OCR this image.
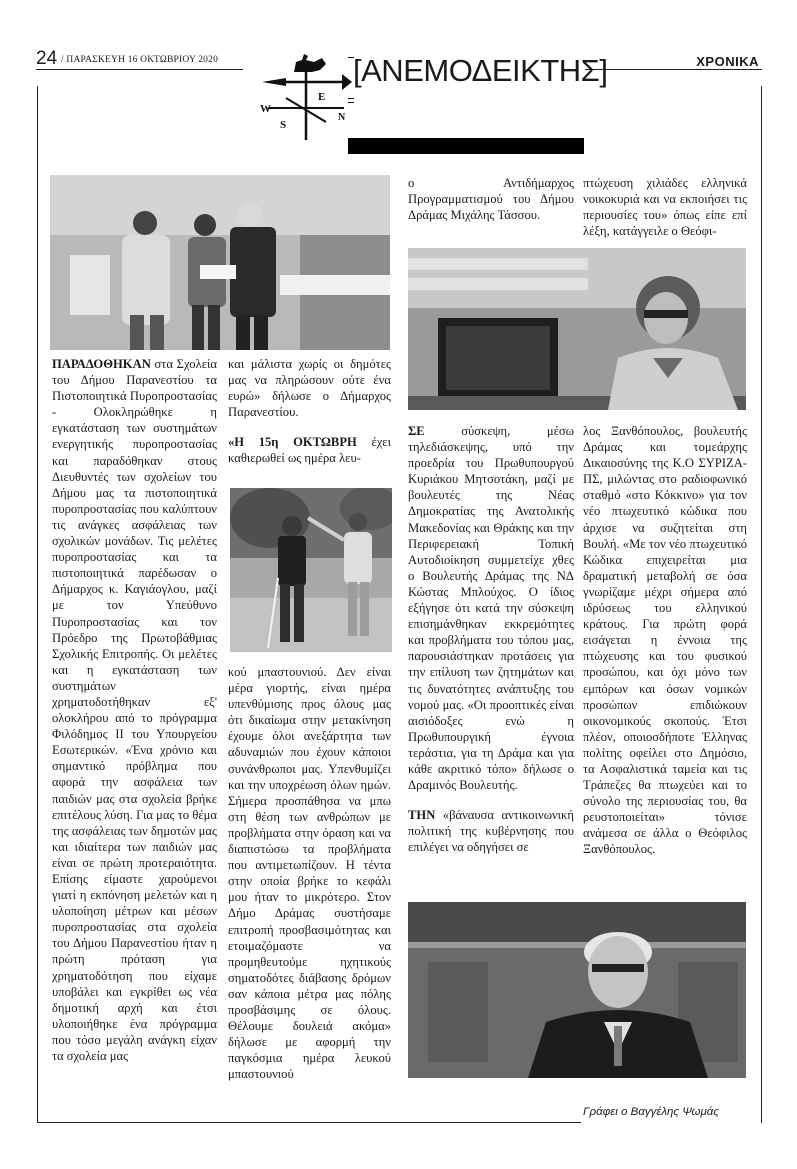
24 / ΠΑΡΑΣΚΕΥΗ 16 ΟΚΤΩΒΡΙΟΥ 2020	ΧΡΟΝΙΚΑ
W
E
S
N
[ΑΝΕΜΟΔΕΙΚΤΗΣ]
Γράφει ο Βαγγέλης Ψωμάς

ΠΑΡΑΔΟΘΗΚΑΝ στα Σχολεία του Δήμου Παρανεστίου τα Πιστοποιητικά Πυροπροστασίας - Ολοκληρώθηκε η εγκατάσταση των συστημάτων ενεργητικής πυροπροστασίας και παραδόθηκαν στους Διευθυντές των σχολείων του Δήμου μας τα πιστοποιητικά πυροπροστασίας που καλύπτουν τις ανάγκες ασφάλειας των σχολικών μονάδων. Τις μελέτες πυροπροστασίας και τα πιστοποιητικά παρέδωσαν ο Δήμαρχος κ. Καγιάογλου, μαζί με τον Υπεύθυνο Πυροπροστασίας και τον Πρόεδρο της Πρωτοβάθμιας Σχολικής Επιτροπής. Οι μελέτες και η εγκατάσταση των συστημάτων χρηματοδοτήθηκαν εξ' ολοκλήρου από το πρόγραμμα Φιλόδημος ΙΙ του Υπουργείου Εσωτερικών. «Ένα χρόνιο και σημαντικό πρόβλημα που αφορά την ασφάλεια των παιδιών μας στα σχολεία βρήκε επιτέλους λύση. Για μας το θέμα της ασφάλειας των δημοτών μας και ιδιαίτερα των παιδιών μας είναι σε πρώτη προτεραιότητα. Επίσης είμαστε χαρούμενοι γιατί η εκπόνηση μελετών και η υλοποίηση μέτρων και μέσων πυροπροστασίας στα σχολεία του Δήμου Παρανεστίου ήταν η πρώτη πρόταση για χρηματοδότηση που είχαμε υποβάλει και εγκρίθει ως νέα δημοτική αρχή και έτσι υλοποιήθηκε ένα πρόγραμμα που τόσο μεγάλη ανάγκη είχαν τα σχολεία μας

και μάλιστα χωρίς οι δημότες μας να πληρώσουν ούτε ένα ευρώ» δήλωσε ο Δήμαρχος Παρανεστίου.

«Η 15η ΟΚΤΩΒΡΗ έχει καθιερωθεί ως ημέρα λευ-

κού μπαστουνιού. Δεν είναι μέρα γιορτής, είναι ημέρα υπενθύμισης προς όλους μας ότι δικαίωμα στην μετακίνηση έχουμε όλοι ανεξάρτητα των αδυναμιών που έχουν κάποιοι συνάνθρωποι μας. Υπενθυμίζει και την υποχρέωση όλων ημών. Σήμερα προσπάθησα να μπω στη θέση των ανθρώπων με προβλήματα στην όραση και να διαπιστώσω τα προβλήματα που αντιμετωπίζουν. Η τέντα στην οποία βρήκε το κεφάλι μου ήταν το μικρότερο. Στον Δήμο Δράμας συστήσαμε επιτροπή προσβασιμότητας και ετοιμαζόμαστε να προμηθευτούμε ηχητικούς σηματοδότες διάβασης δρόμων σαν κάποια μέτρα μας πόλης προσβάσιμης σε όλους. Θέλουμε δουλειά ακόμα» δήλωσε με αφορμή την παγκόσμια ημέρα λευκού μπαστουνιού

ο Αντιδήμαρχος Προγραμματισμού του Δήμου Δράμας Μιχάλης Τάσσου.

ΣΕ σύσκεψη, μέσω τηλεδιάσκεψης, υπό την προεδρία του Πρωθυπουργού Κυριάκου Μητσοτάκη, μαζί με βουλευτές της Νέας Δημοκρατίας της Ανατολικής Μακεδονίας και Θράκης και την Περιφερειακή Τοπική Αυτοδιοίκηση συμμετείχε χθες ο Βουλευτής Δράμας της ΝΔ Κώστας Μπλούχος. Ο ίδιος εξήγησε ότι κατά την σύσκεψη επισημάνθηκαν εκκρεμότητες και προβλήματα του τόπου μας, παρουσιάστηκαν προτάσεις για την επίλυση των ζητημάτων και τις δυνατότητες ανάπτυξης του νομού μας. «Οι προοπτικές είναι αισιόδοξες ενώ η Πρωθυπουργική έγνοια τεράστια, για τη Δράμα και για κάθε ακριτικό τόπο» δήλωσε ο Δραμινός Βουλευτής.

ΤΗΝ «βάναυσα αντικοινωνική πολιτική της κυβέρνησης που επιλέγει να οδηγήσει σε

πτώχευση χιλιάδες ελληνικά νοικοκυριά και να εκποιήσει τις περιουσίες του» όπως είπε επί λέξη, κατάγγειλε ο Θεόφι-

λος Ξανθόπουλος, βουλευτής Δράμας και τομεάρχης Δικαιοσύνης της Κ.Ο ΣΥΡΙΖΑ-ΠΣ, μιλώντας στο ραδιοφωνικό σταθμό «στο Κόκκινο» για τον νέο πτωχευτικό κώδικα που άρχισε να συζητείται στη Βουλή. «Με τον νέο πτωχευτικό Κώδικα επιχειρείται μια δραματική μεταβολή σε όσα γνωρίζαμε μέχρι σήμερα από ιδρύσεως του ελληνικού κράτους. Για πρώτη φορά εισάγεται η έννοια της πτώχευσης και του φυσικού προσώπου, και όχι μόνο των εμπόρων και όσων νομικών προσώπων επιδιώκουν οικονομικούς σκοπούς. Έτσι πλέον, οποιοσδήποτε Έλληνας πολίτης οφείλει στο Δημόσιο, τα Ασφαλιστικά ταμεία και τις Τράπεζες θα πτωχεύει και το σύνολο της περιουσίας του, θα ρευστοποιείται» τόνισε ανάμεσα σε άλλα ο Θεόφιλος Ξανθόπουλος.
